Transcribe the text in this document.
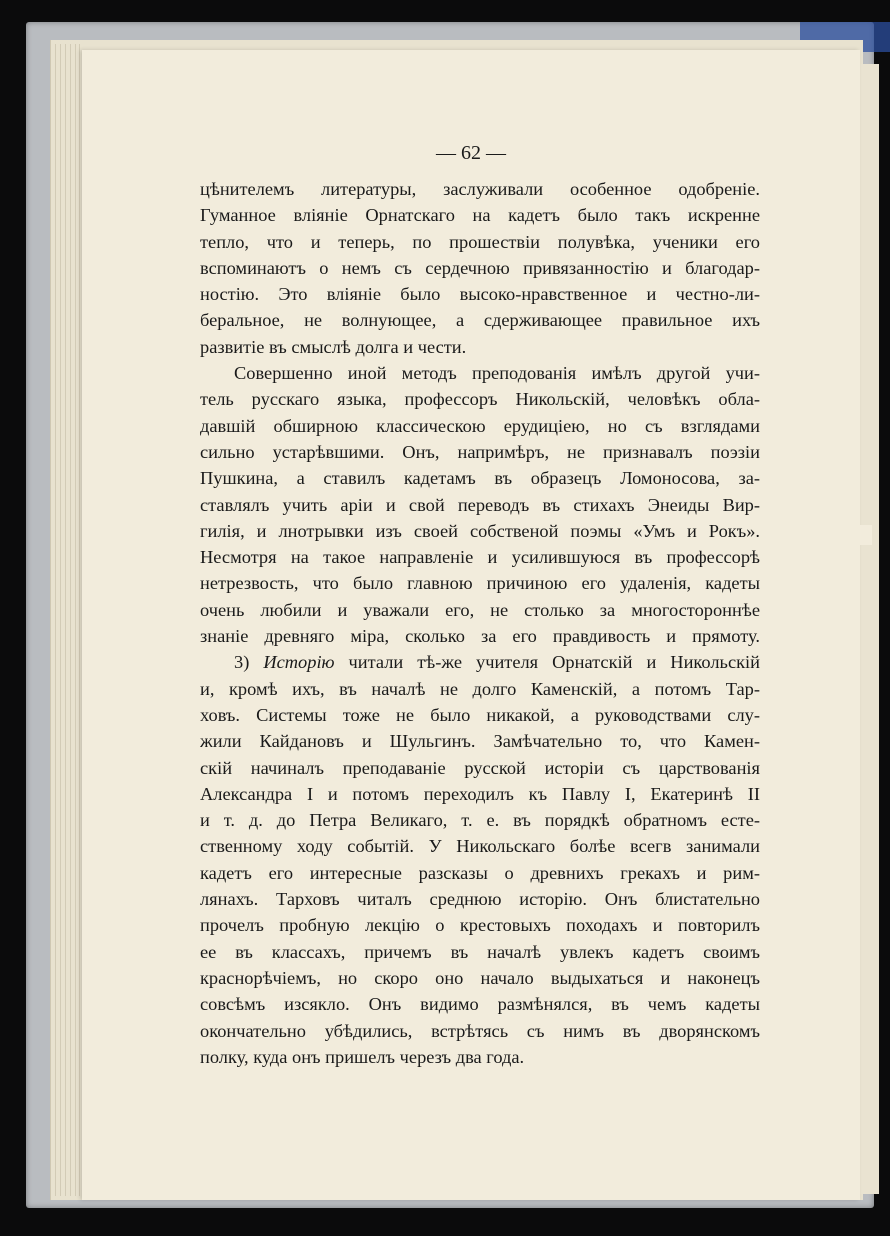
— 62 —
цѣнителемъ литературы, заслуживали особенное одобреніе.
Гуманное вліяніе Орнатскаго на кадетъ было такъ искренне
тепло, что и теперь, по прошествіи полувѣка, ученики его
вспоминаютъ о немъ съ сердечною привязанностію и благодар-
ностію. Это вліяніе было высоко-нравственное и честно-ли-
беральное, не волнующее, а сдерживающее правильное ихъ
развитіе въ смыслѣ долга и чести.
Совершенно иной методъ преподованія имѣлъ другой учи-
тель русскаго языка, профессоръ Никольскій, человѣкъ обла-
давшій обширною классическою ерудиціею, но съ взглядами
сильно устарѣвшими. Онъ, напримѣръ, не признавалъ поэзіи
Пушкина, а ставилъ кадетамъ въ образецъ Ломоносова, за-
ставлялъ учить аріи и свой переводъ въ стихахъ Энеиды Вир-
гилія, и лнотрывки изъ своей собственой поэмы «Умъ и Рокъ».
Несмотря на такое направленіе и усилившуюся въ профессорѣ
нетрезвость, что было главною причиною его удаленія, кадеты
очень любили и уважали его, не столько за многостороннѣе
знаніе древняго міра, сколько за его правдивость и прямоту.
3) Исторію читали тѣ-же учителя Орнатскій и Никольскій
и, кромѣ ихъ, въ началѣ не долго Каменскій, а потомъ Тар-
ховъ. Системы тоже не было никакой, а руководствами слу-
жили Кайдановъ и Шульгинъ. Замѣчательно то, что Камен-
скій начиналъ преподаваніе русской исторіи съ царствованія
Александра I и потомъ переходилъ къ Павлу I, Екатеринѣ II
и т. д. до Петра Великаго, т. е. въ порядкѣ обратномъ есте-
ственному ходу событій. У Никольскаго болѣе всегв занимали
кадетъ его интересные разсказы о древнихъ грекахъ и рим-
лянахъ. Тарховъ читалъ среднюю исторію. Онъ блистательно
прочелъ пробную лекцію о крестовыхъ походахъ и повторилъ
ее въ классахъ, причемъ въ началѣ увлекъ кадетъ своимъ
краснорѣчіемъ, но скоро оно начало выдыхаться и наконецъ
совсѣмъ изсякло. Онъ видимо размѣнялся, въ чемъ кадеты
окончательно убѣдились, встрѣтясь съ нимъ въ дворянскомъ
полку, куда онъ пришелъ черезъ два года.
